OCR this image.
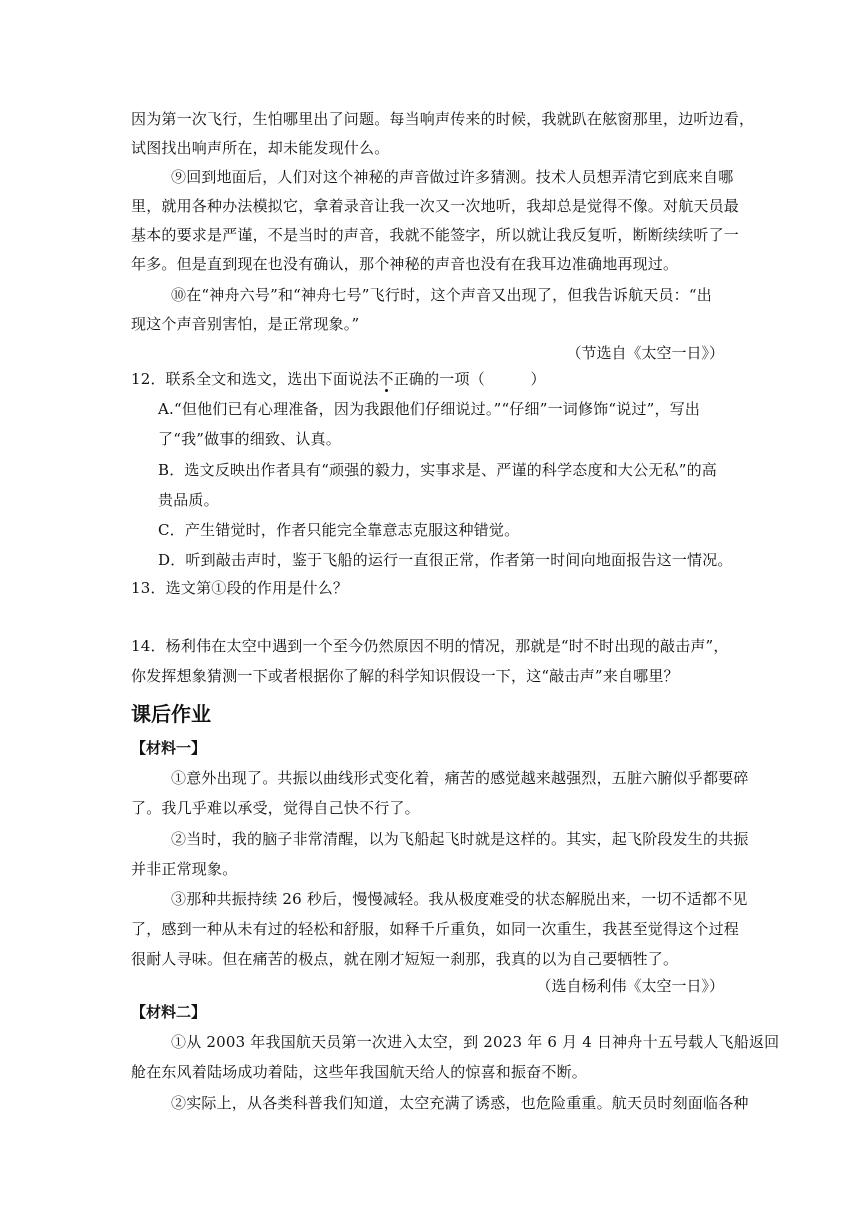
因为第一次飞行，生怕哪里出了问题。每当响声传来的时候，我就趴在舷窗那里，边听边看，
试图找出响声所在，却未能发现什么。
⑨回到地面后，人们对这个神秘的声音做过许多猜测。技术人员想弄清它到底来自哪
里，就用各种办法模拟它，拿着录音让我一次又一次地听，我却总是觉得不像。对航天员最
基本的要求是严谨，不是当时的声音，我就不能签字，所以就让我反复听，断断续续听了一
年多。但是直到现在也没有确认，那个神秘的声音也没有在我耳边准确地再现过。
⑩在“神舟六号”和“神舟七号”飞行时，这个声音又出现了，但我告诉航天员：“出
现这个声音别害怕，是正常现象。”
（节选自《太空一日》）
12．联系全文和选文，选出下面说法不正确的一项（　　　）
A.“但他们已有心理准备，因为我跟他们仔细说过。”“仔细”一词修饰“说过”，写出
了“我”做事的细致、认真。
B．选文反映出作者具有“顽强的毅力，实事求是、严谨的科学态度和大公无私”的高
贵品质。
C．产生错觉时，作者只能完全靠意志克服这种错觉。
D．听到敲击声时，鉴于飞船的运行一直很正常，作者第一时间向地面报告这一情况。
13．选文第①段的作用是什么？
14．杨利伟在太空中遇到一个至今仍然原因不明的情况，那就是“时不时出现的敲击声”，
你发挥想象猜测一下或者根据你了解的科学知识假设一下，这“敲击声”来自哪里？
课后作业
【材料一】
①意外出现了。共振以曲线形式变化着，痛苦的感觉越来越强烈，五脏六腑似乎都要碎
了。我几乎难以承受，觉得自己快不行了。
②当时，我的脑子非常清醒，以为飞船起飞时就是这样的。其实，起飞阶段发生的共振
并非正常现象。
③那种共振持续 26 秒后，慢慢减轻。我从极度难受的状态解脱出来，一切不适都不见
了，感到一种从未有过的轻松和舒服，如释千斤重负，如同一次重生，我甚至觉得这个过程
很耐人寻味。但在痛苦的极点，就在刚才短短一刹那，我真的以为自己要牺牲了。
（选自杨利伟《太空一日》）
【材料二】
①从 2003 年我国航天员第一次进入太空，到 2023 年 6 月 4 日神舟十五号载人飞船返回
舱在东风着陆场成功着陆，这些年我国航天给人的惊喜和振奋不断。
②实际上，从各类科普我们知道，太空充满了诱惑，也危险重重。航天员时刻面临各种
